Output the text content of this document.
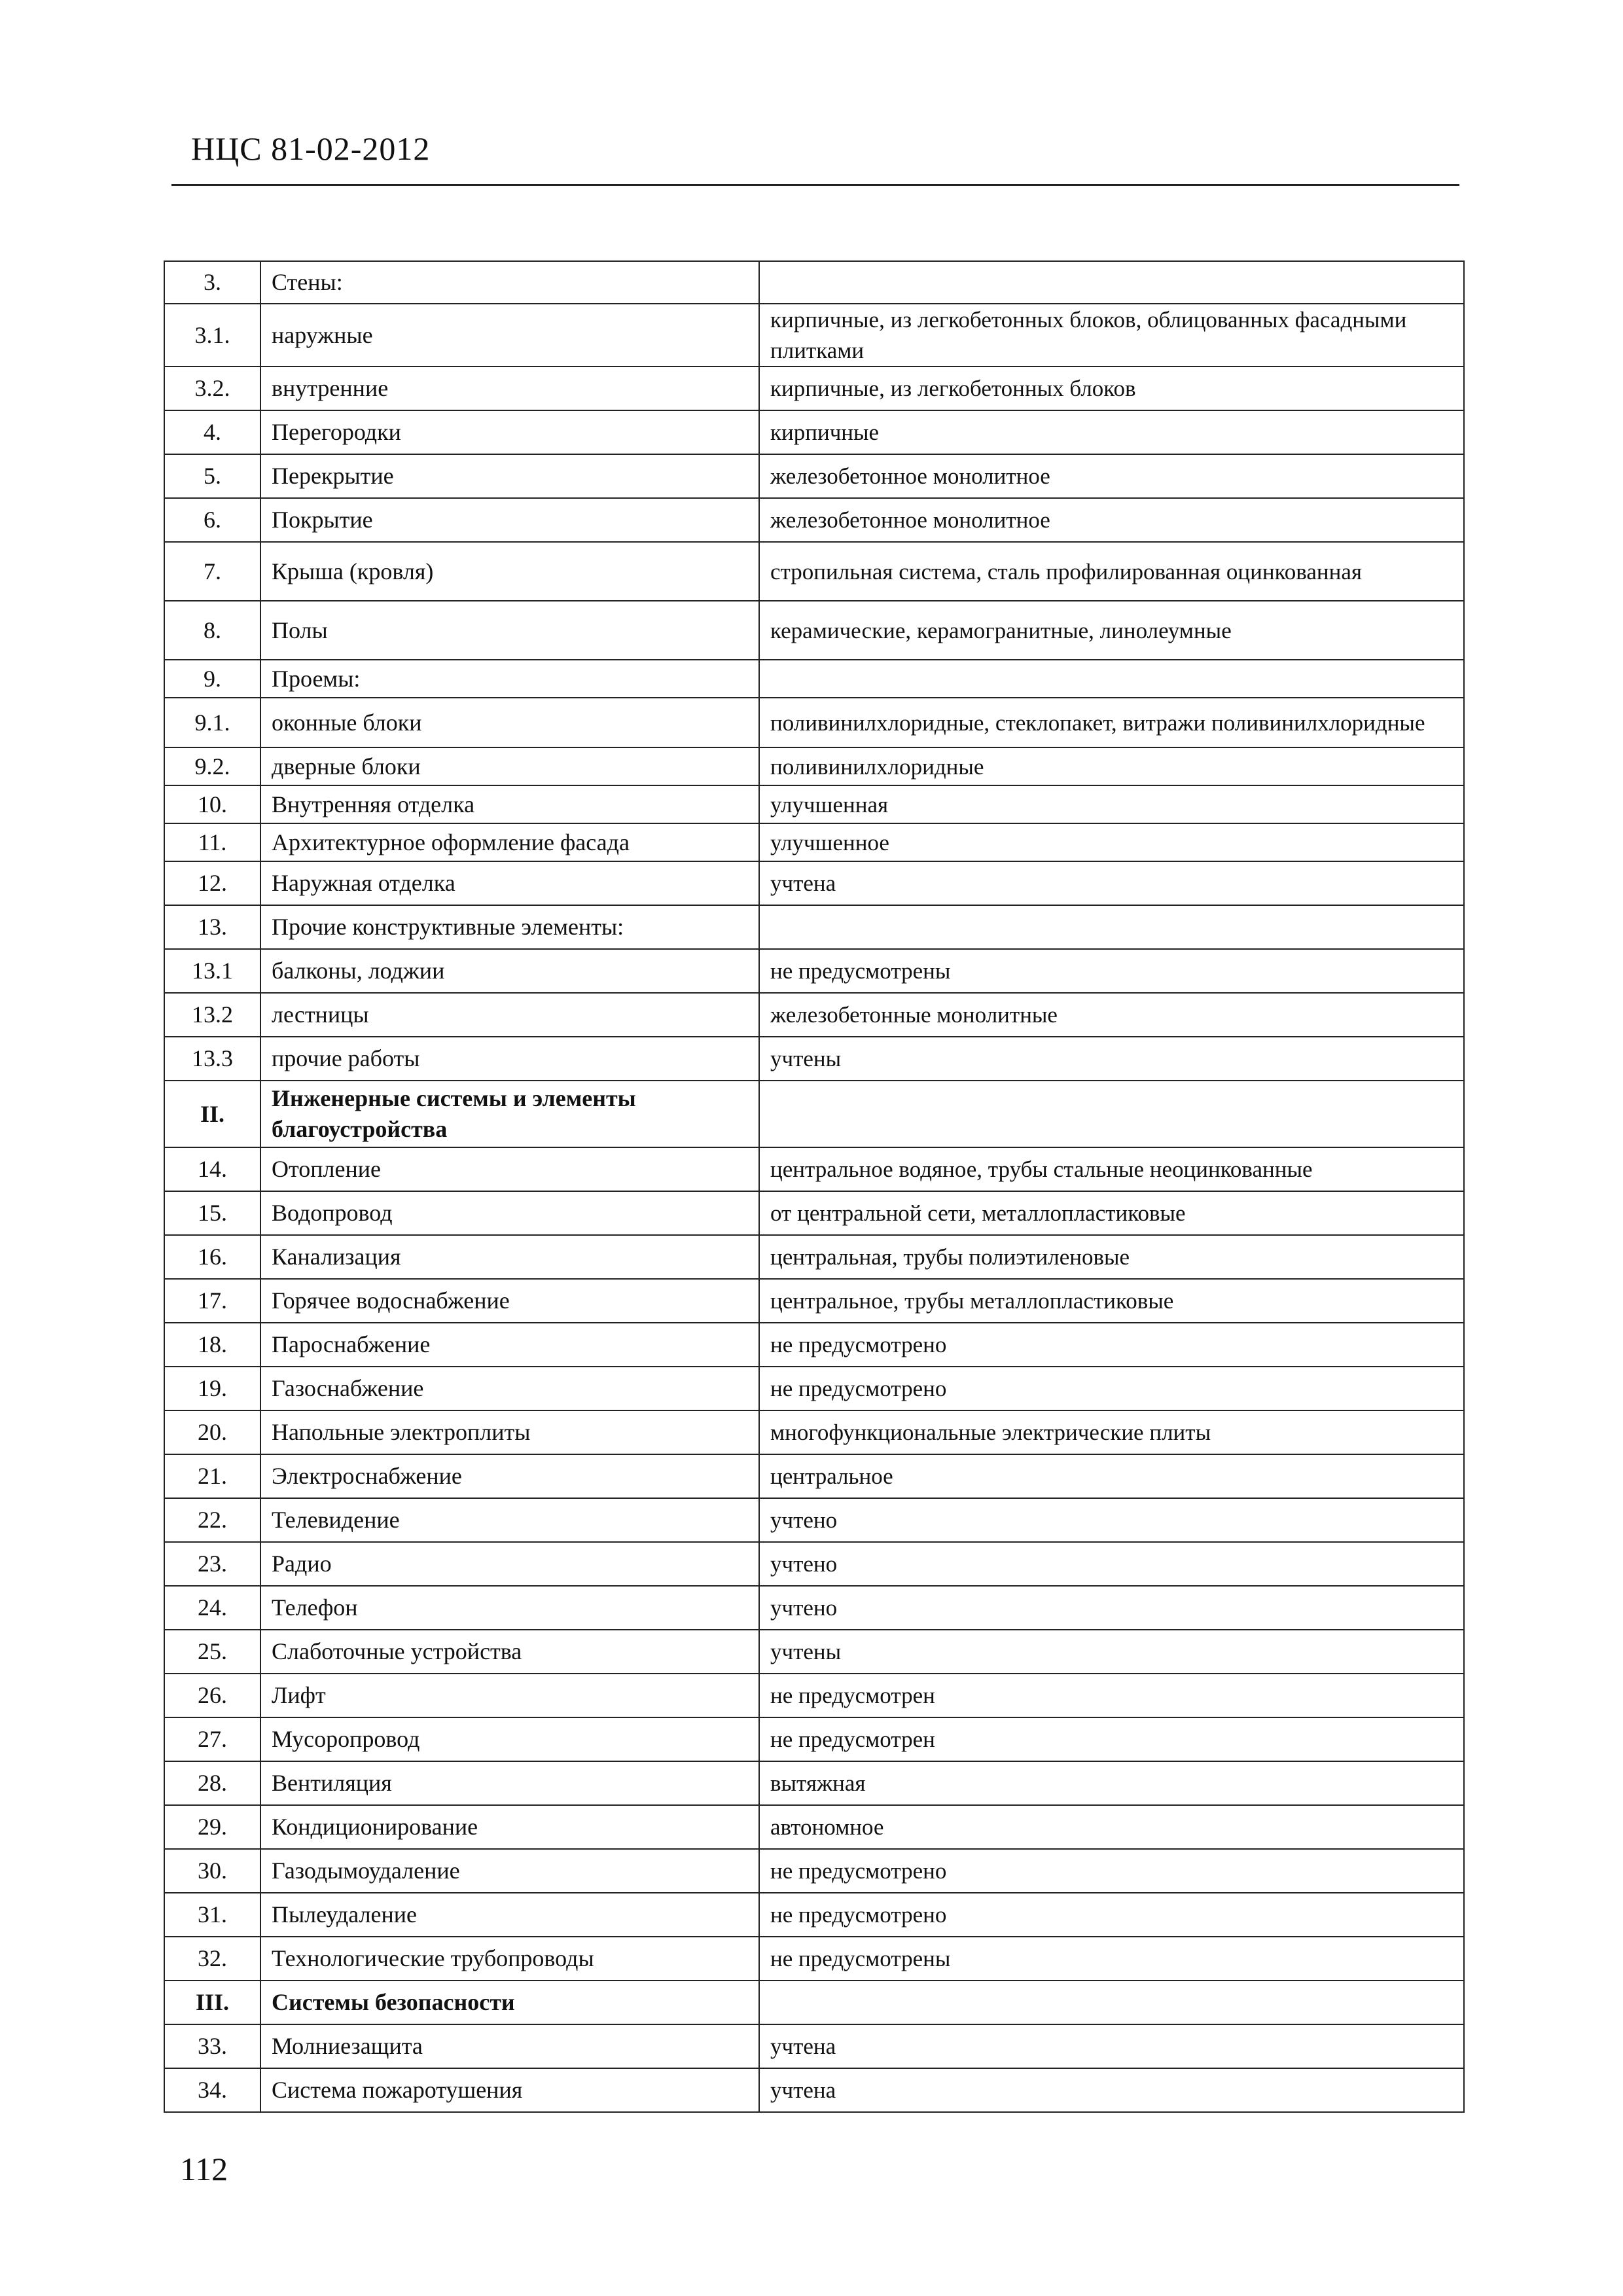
НЦС 81-02-2012
3.	Стены:	
3.1.	наружные	кирпичные, из легкобетонных блоков, облицованных фасадными плитками
3.2.	внутренние	кирпичные, из легкобетонных блоков
4.	Перегородки	кирпичные
5.	Перекрытие	железобетонное монолитное
6.	Покрытие	железобетонное монолитное
7.	Крыша (кровля)	стропильная система, сталь профилированная оцинкованная
8.	Полы	керамические, керамогранитные, линолеумные
9.	Проемы:	
9.1.	оконные блоки	поливинилхлоридные, стеклопакет, витражи поливинилхлоридные
9.2.	дверные блоки	поливинилхлоридные
10.	Внутренняя отделка	улучшенная
11.	Архитектурное оформление фасада	улучшенное
12.	Наружная отделка	учтена
13.	Прочие конструктивные элементы:	
13.1	балконы, лоджии	не предусмотрены
13.2	лестницы	железобетонные монолитные
13.3	прочие работы	учтены
II.	Инженерные системы и элементы благоустройства	
14.	Отопление	центральное водяное, трубы стальные неоцинкованные
15.	Водопровод	от центральной сети, металлопластиковые
16.	Канализация	центральная, трубы полиэтиленовые
17.	Горячее водоснабжение	центральное, трубы металлопластиковые
18.	Пароснабжение	не предусмотрено
19.	Газоснабжение	не предусмотрено
20.	Напольные электроплиты	многофункциональные электрические плиты
21.	Электроснабжение	центральное
22.	Телевидение	учтено
23.	Радио	учтено
24.	Телефон	учтено
25.	Слаботочные устройства	учтены
26.	Лифт	не предусмотрен
27.	Мусоропровод	не предусмотрен
28.	Вентиляция	вытяжная
29.	Кондиционирование	автономное
30.	Газодымоудаление	не предусмотрено
31.	Пылеудаление	не предусмотрено
32.	Технологические трубопроводы	не предусмотрены
III.	Системы безопасности	
33.	Молниезащита	учтена
34.	Система пожаротушения	учтена
112
